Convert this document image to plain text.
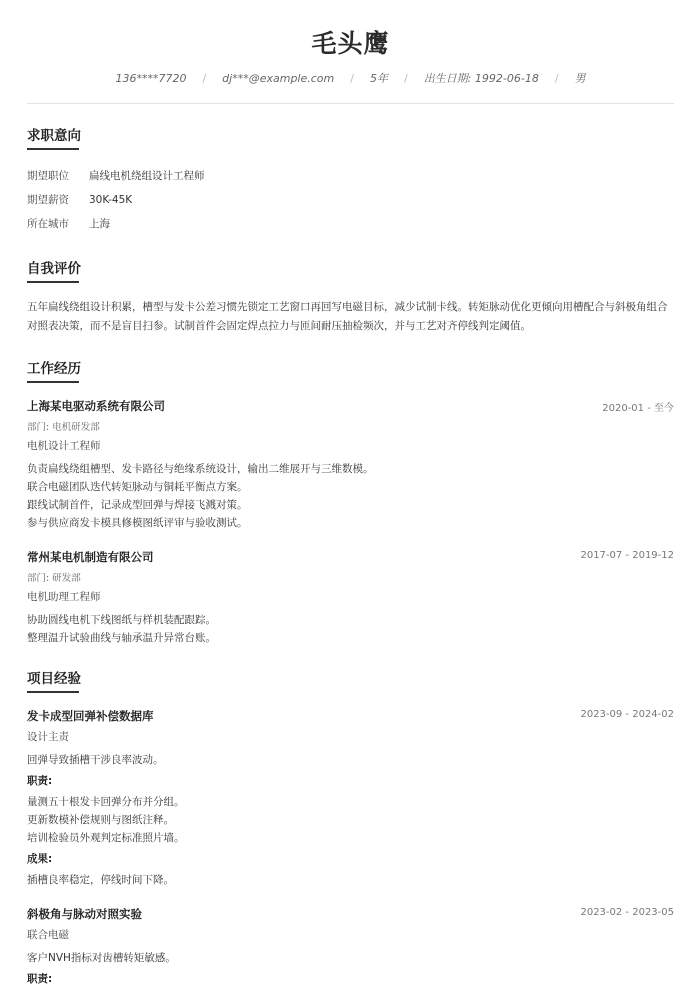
毛头鹰
136****7720	/	dj***@example.com	/	5年	/	出生日期: 1992-06-18	/	男
求职意向
期望职位 扁线电机绕组设计工程师
期望薪资 30K-45K
所在城市 上海
自我评价
五年扁线绕组设计积累，槽型与发卡公差习惯先锁定工艺窗口再回写电磁目标，减少试制卡线。转矩脉动优化更倾向用槽配合与斜极角组合
对照表决策，而不是盲目扫参。试制首件会固定焊点拉力与匝间耐压抽检频次，并与工艺对齐停线判定阈值。
工作经历
上海某电驱动系统有限公司	2020-01 - 至今
部门: 电机研发部
电机设计工程师
负责扁线绕组槽型、发卡路径与绝缘系统设计，输出二维展开与三维数模。
联合电磁团队迭代转矩脉动与铜耗平衡点方案。
跟线试制首件，记录成型回弹与焊接飞溅对策。
参与供应商发卡模具修模图纸评审与验收测试。
常州某电机制造有限公司	2017-07 - 2019-12
部门: 研发部
电机助理工程师
协助圆线电机下线图纸与样机装配跟踪。
整理温升试验曲线与轴承温升异常台账。
项目经验
发卡成型回弹补偿数据库	2023-09 - 2024-02
设计主责
回弹导致插槽干涉良率波动。
职责:
量测五十根发卡回弹分布并分组。
更新数模补偿规则与图纸注释。
培训检验员外观判定标准照片墙。
成果:
插槽良率稳定，停线时间下降。
斜极角与脉动对照实验	2023-02 - 2023-05
联合电磁
客户NVH指标对齿槽转矩敏感。
职责:
